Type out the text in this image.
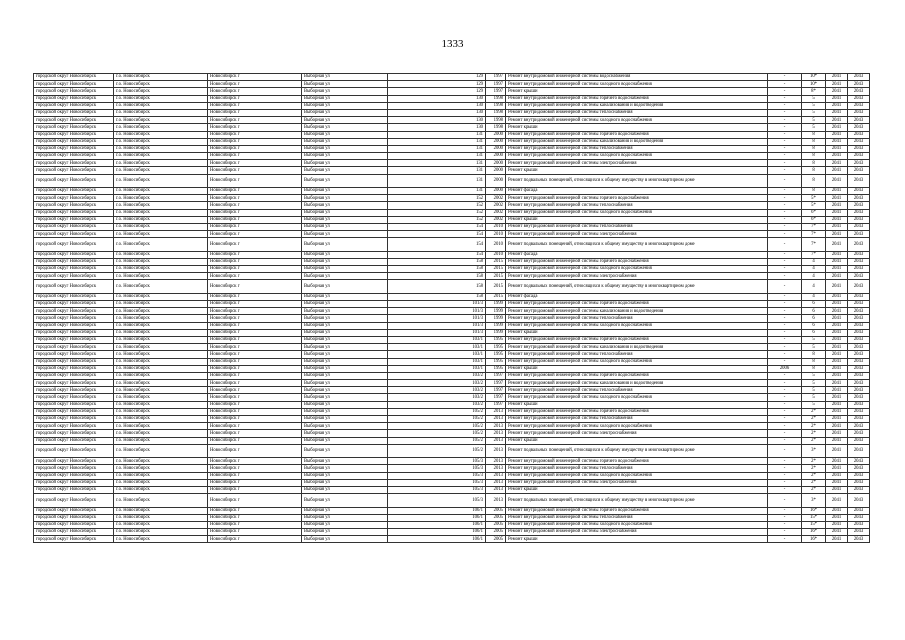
1333
городской округ Новосибирск	г.о. Новосибирск	Новосибирск г	Выборная ул	129	1997	Ремонт внутридомовой инженерной системы водоснабжения	-	10*	2041	2043
городской округ Новосибирск	г.о. Новосибирск	Новосибирск г	Выборная ул	129	1997	Ремонт внутридомовой инженерной системы холодного водоснабжения	-	10*	2041	2043
городской округ Новосибирск	г.о. Новосибирск	Новосибирск г	Выборная ул	129	1997	Ремонт крыши	-	8*	2041	2043
городской округ Новосибирск	г.о. Новосибирск	Новосибирск г	Выборная ул	130	1998	Ремонт внутридомовой инженерной системы горячего водоснабжения	-	5	2041	2043
городской округ Новосибирск	г.о. Новосибирск	Новосибирск г	Выборная ул	130	1998	Ремонт внутридомовой инженерной системы канализования и водоотведения	-	5	2041	2043
городской округ Новосибирск	г.о. Новосибирск	Новосибирск г	Выборная ул	130	1998	Ремонт внутридомовой инженерной системы теплоснабжения	-	5	2041	2043
городской округ Новосибирск	г.о. Новосибирск	Новосибирск г	Выборная ул	130	1998	Ремонт внутридомовой инженерной системы холодного водоснабжения	-	5	2041	2043
городской округ Новосибирск	г.о. Новосибирск	Новосибирск г	Выборная ул	130	1998	Ремонт крыши	-	5	2041	2043
городской округ Новосибирск	г.о. Новосибирск	Новосибирск г	Выборная ул	131	2000	Ремонт внутридомовой инженерной системы горячего водоснабжения	-	8	2041	2043
городской округ Новосибирск	г.о. Новосибирск	Новосибирск г	Выборная ул	131	2000	Ремонт внутридомовой инженерной системы канализования и водоотведения	-	8	2041	2043
городской округ Новосибирск	г.о. Новосибирск	Новосибирск г	Выборная ул	131	2000	Ремонт внутридомовой инженерной системы теплоснабжения	-	8	2041	2043
городской округ Новосибирск	г.о. Новосибирск	Новосибирск г	Выборная ул	131	2000	Ремонт внутридомовой инженерной системы холодного водоснабжения	-	8	2041	2043
городской округ Новосибирск	г.о. Новосибирск	Новосибирск г	Выборная ул	131	2000	Ремонт внутридомовой инженерной системы электроснабжения	-	8	2041	2043
городской округ Новосибирск	г.о. Новосибирск	Новосибирск г	Выборная ул	131	2000	Ремонт крыши	-	8	2041	2043
городской округ Новосибирск	г.о. Новосибирск	Новосибирск г	Выборная ул	131	2000	Ремонт подвальных помещений, относящихся к общему имуществу в многоквартирном доме	-	8	2041	2043
городской округ Новосибирск	г.о. Новосибирск	Новосибирск г	Выборная ул	131	2000	Ремонт фасада	-	8	2041	2043
городской округ Новосибирск	г.о. Новосибирск	Новосибирск г	Выборная ул	152	2002	Ремонт внутридомовой инженерной системы горячего водоснабжения	-	5*	2041	2043
городской округ Новосибирск	г.о. Новосибирск	Новосибирск г	Выборная ул	152	2002	Ремонт внутридомовой инженерной системы теплоснабжения	-	5*	2041	2043
городской округ Новосибирск	г.о. Новосибирск	Новосибирск г	Выборная ул	152	2002	Ремонт внутридомовой инженерной системы холодного водоснабжения	-	6*	2041	2043
городской округ Новосибирск	г.о. Новосибирск	Новосибирск г	Выборная ул	152	2002	Ремонт крыши	-	6*	2041	2043
городской округ Новосибирск	г.о. Новосибирск	Новосибирск г	Выборная ул	154	2010	Ремонт внутридомовой инженерной системы теплоснабжения	-	7*	2041	2043
городской округ Новосибирск	г.о. Новосибирск	Новосибирск г	Выборная ул	154	2010	Ремонт внутридомовой инженерной системы электроснабжения	-	7*	2041	2043
городской округ Новосибирск	г.о. Новосибирск	Новосибирск г	Выборная ул	154	2010	Ремонт подвальных помещений, относящихся к общему имуществу в многоквартирном доме	-	7*	2041	2043
городской округ Новосибирск	г.о. Новосибирск	Новосибирск г	Выборная ул	154	2010	Ремонт фасада	-	7*	2041	2043
городской округ Новосибирск	г.о. Новосибирск	Новосибирск г	Выборная ул	158	2015	Ремонт внутридомовой инженерной системы горячего водоснабжения	-	4	2041	2043
городской округ Новосибирск	г.о. Новосибирск	Новосибирск г	Выборная ул	158	2015	Ремонт внутридомовой инженерной системы холодного водоснабжения	-	4	2041	2043
городской округ Новосибирск	г.о. Новосибирск	Новосибирск г	Выборная ул	158	2015	Ремонт внутридомовой инженерной системы электроснабжения	-	4	2041	2043
городской округ Новосибирск	г.о. Новосибирск	Новосибирск г	Выборная ул	158	2015	Ремонт подвальных помещений, относящихся к общему имуществу в многоквартирном доме	-	4	2041	2043
городской округ Новосибирск	г.о. Новосибирск	Новосибирск г	Выборная ул	158	2015	Ремонт фасада	-	4	2041	2043
городской округ Новосибирск	г.о. Новосибирск	Новосибирск г	Выборная ул	101/3	1999	Ремонт внутридомовой инженерной системы горячего водоснабжения	-	6	2041	2043
городской округ Новосибирск	г.о. Новосибирск	Новосибирск г	Выборная ул	101/3	1999	Ремонт внутридомовой инженерной системы канализования и водоотведения	-	6	2041	2043
городской округ Новосибирск	г.о. Новосибирск	Новосибирск г	Выборная ул	101/3	1999	Ремонт внутридомовой инженерной системы теплоснабжения	-	6	2041	2043
городской округ Новосибирск	г.о. Новосибирск	Новосибирск г	Выборная ул	101/3	1999	Ремонт внутридомовой инженерной системы холодного водоснабжения	-	6	2041	2043
городской округ Новосибирск	г.о. Новосибирск	Новосибирск г	Выборная ул	101/3	1999	Ремонт крыши	-	6	2041	2043
городской округ Новосибирск	г.о. Новосибирск	Новосибирск г	Выборная ул	103/1	1995	Ремонт внутридомовой инженерной системы горячего водоснабжения	-	5	2041	2043
городской округ Новосибирск	г.о. Новосибирск	Новосибирск г	Выборная ул	103/1	1995	Ремонт внутридомовой инженерной системы канализования и водоотведения	-	5	2041	2043
городской округ Новосибирск	г.о. Новосибирск	Новосибирск г	Выборная ул	103/1	1995	Ремонт внутридомовой инженерной системы теплоснабжения	-	8	2041	2043
городской округ Новосибирск	г.о. Новосибирск	Новосибирск г	Выборная ул	103/1	1995	Ремонт внутридомовой инженерной системы холодного водоснабжения	-	8	2041	2043
городской округ Новосибирск	г.о. Новосибирск	Новосибирск г	Выборная ул	103/1	1995	Ремонт крыши	2006	8	2041	2043
городской округ Новосибирск	г.о. Новосибирск	Новосибирск г	Выборная ул	103/2	1997	Ремонт внутридомовой инженерной системы горячего водоснабжения	-	5	2041	2043
городской округ Новосибирск	г.о. Новосибирск	Новосибирск г	Выборная ул	103/2	1997	Ремонт внутридомовой инженерной системы канализования и водоотведения	-	5	2041	2043
городской округ Новосибирск	г.о. Новосибирск	Новосибирск г	Выборная ул	103/2	1997	Ремонт внутридомовой инженерной системы теплоснабжения	-	5	2041	2043
городской округ Новосибирск	г.о. Новосибирск	Новосибирск г	Выборная ул	103/2	1997	Ремонт внутридомовой инженерной системы холодного водоснабжения	-	5	2041	2043
городской округ Новосибирск	г.о. Новосибирск	Новосибирск г	Выборная ул	103/2	1997	Ремонт крыши	-	5	2041	2043
городской округ Новосибирск	г.о. Новосибирск	Новосибирск г	Выборная ул	105/2	2013	Ремонт внутридомовой инженерной системы горячего водоснабжения	-	2*	2041	2043
городской округ Новосибирск	г.о. Новосибирск	Новосибирск г	Выборная ул	105/2	2013	Ремонт внутридомовой инженерной системы теплоснабжения	-	2*	2041	2043
городской округ Новосибирск	г.о. Новосибирск	Новосибирск г	Выборная ул	105/2	2013	Ремонт внутридомовой инженерной системы холодного водоснабжения	-	2*	2041	2043
городской округ Новосибирск	г.о. Новосибирск	Новосибирск г	Выборная ул	105/2	2013	Ремонт внутридомовой инженерной системы электроснабжения	-	2*	2041	2043
городской округ Новосибирск	г.о. Новосибирск	Новосибирск г	Выборная ул	105/2	2013	Ремонт крыши	-	2*	2041	2043
городской округ Новосибирск	г.о. Новосибирск	Новосибирск г	Выборная ул	105/2	2013	Ремонт подвальных помещений, относящихся к общему имуществу в многоквартирном доме	-	3*	2041	2043
городской округ Новосибирск	г.о. Новосибирск	Новосибирск г	Выборная ул	105/3	2013	Ремонт внутридомовой инженерной системы горячего водоснабжения	-	2*	2041	2043
городской округ Новосибирск	г.о. Новосибирск	Новосибирск г	Выборная ул	105/3	2013	Ремонт внутридомовой инженерной системы теплоснабжения	-	2*	2041	2043
городской округ Новосибирск	г.о. Новосибирск	Новосибирск г	Выборная ул	105/3	2013	Ремонт внутридомовой инженерной системы холодного водоснабжения	-	2*	2041	2043
городской округ Новосибирск	г.о. Новосибирск	Новосибирск г	Выборная ул	105/3	2013	Ремонт внутридомовой инженерной системы электроснабжения	-	2*	2041	2043
городской округ Новосибирск	г.о. Новосибирск	Новосибирск г	Выборная ул	105/3	2013	Ремонт крыши	-	2*	2041	2043
городской округ Новосибирск	г.о. Новосибирск	Новосибирск г	Выборная ул	105/3	2013	Ремонт подвальных помещений, относящихся к общему имуществу в многоквартирном доме	-	3*	2041	2043
городской округ Новосибирск	г.о. Новосибирск	Новосибирск г	Выборная ул	106/1	2005	Ремонт внутридомовой инженерной системы горячего водоснабжения	-	16*	2041	2043
городской округ Новосибирск	г.о. Новосибирск	Новосибирск г	Выборная ул	106/1	2005	Ремонт внутридомовой инженерной системы теплоснабжения	-	15*	2041	2043
городской округ Новосибирск	г.о. Новосибирск	Новосибирск г	Выборная ул	106/1	2005	Ремонт внутридомовой инженерной системы холодного водоснабжения	-	15*	2041	2043
городской округ Новосибирск	г.о. Новосибирск	Новосибирск г	Выборная ул	106/1	2005	Ремонт внутридомовой инженерной системы электроснабжения	-	16*	2041	2043
городской округ Новосибирск	г.о. Новосибирск	Новосибирск г	Выборная ул	106/1	2005	Ремонт крыши	-	16*	2041	2043
